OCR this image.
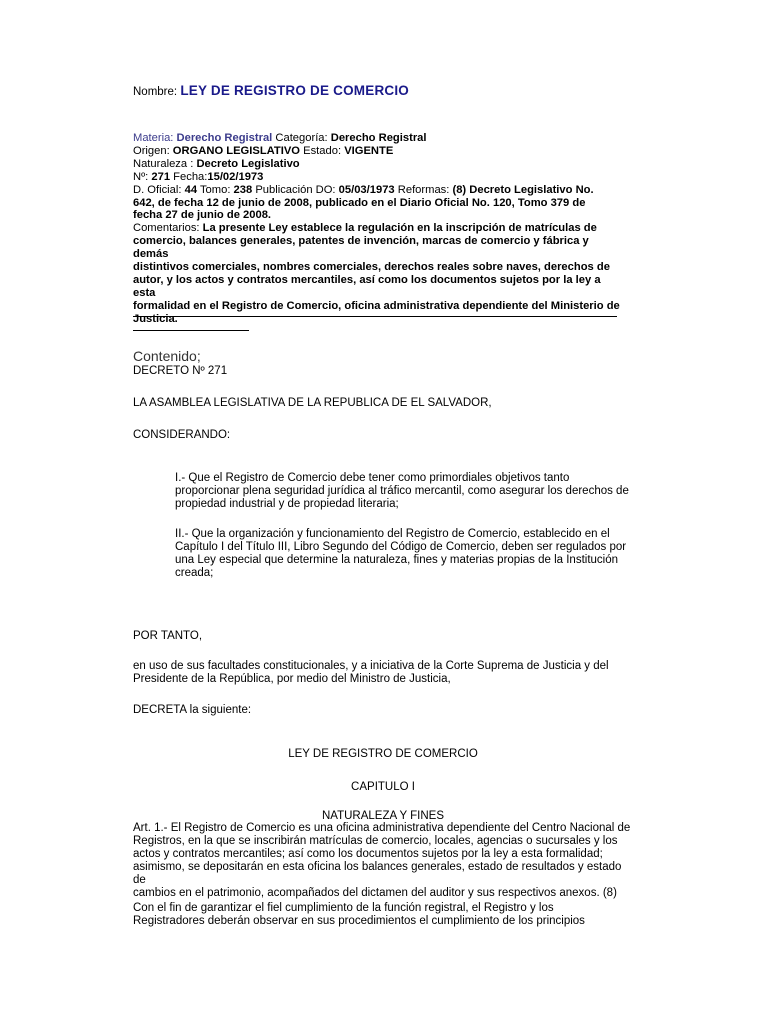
Nombre: LEY DE REGISTRO DE COMERCIO
Materia: Derecho Registral Categoría: Derecho Registral
Origen: ORGANO LEGISLATIVO Estado: VIGENTE
Naturaleza : Decreto Legislativo
Nº: 271 Fecha:15/02/1973
D. Oficial: 44 Tomo: 238 Publicación DO: 05/03/1973 Reformas: (8) Decreto Legislativo No.
642, de fecha 12 de junio de 2008, publicado en el Diario Oficial No. 120, Tomo 379 de
fecha 27 de junio de 2008.
Comentarios: La presente Ley establece la regulación en la inscripción de matrículas de
comercio, balances generales, patentes de invención, marcas de comercio y fábrica y demás
distintivos comerciales, nombres comerciales, derechos reales sobre naves, derechos de
autor, y los actos y contratos mercantiles, así como los documentos sujetos por la ley a esta
formalidad en el Registro de Comercio, oficina administrativa dependiente del Ministerio de
Justicia.
Contenido;
DECRETO Nº 271
LA ASAMBLEA LEGISLATIVA DE LA REPUBLICA DE EL SALVADOR,
CONSIDERANDO:
I.- Que el Registro de Comercio debe tener como primordiales objetivos tanto
proporcionar plena seguridad jurídica al tráfico mercantil, como asegurar los derechos de
propiedad industrial y de propiedad literaria;
II.- Que la organización y funcionamiento del Registro de Comercio, establecido en el
Capítulo I del Título III, Libro Segundo del Código de Comercio, deben ser regulados por
una Ley especial que determine la naturaleza, fines y materias propias de la Institución
creada;
POR TANTO,
en uso de sus facultades constitucionales, y a iniciativa de la Corte Suprema de Justicia y del
Presidente de la República, por medio del Ministro de Justicia,
DECRETA la siguiente:
LEY DE REGISTRO DE COMERCIO
CAPITULO I
NATURALEZA Y FINES
Art. 1.- El Registro de Comercio es una oficina administrativa dependiente del Centro Nacional de
Registros, en la que se inscribirán matrículas de comercio, locales, agencias o sucursales y los
actos y contratos mercantiles; así como los documentos sujetos por la ley a esta formalidad;
asimismo, se depositarán en esta oficina los balances generales, estado de resultados y estado de
cambios en el patrimonio, acompañados del dictamen del auditor y sus respectivos anexos. (8)
Con el fin de garantizar el fiel cumplimiento de la función registral, el Registro y los
Registradores deberán observar en sus procedimientos el cumplimiento de los principios
